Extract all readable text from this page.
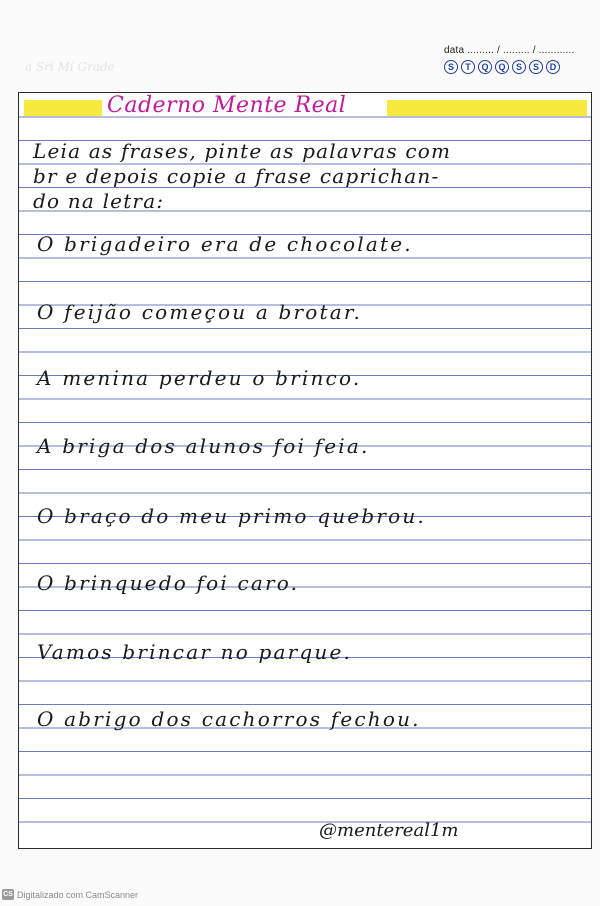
a Sri Mi Grade
data ......... / ......... / ............
S	T	Q	Q	S	S	D
Caderno Mente Real
Leia as frases, pinte as palavras com
br e depois copie a frase caprichan-
do na letra:
O brigadeiro era de chocolate.
O feijão começou a brotar.
A menina perdeu o brinco.
A briga dos alunos foi feia.
O braço do meu primo quebrou.
O brinquedo foi caro.
Vamos brincar no parque.
O abrigo dos cachorros fechou.
@mentereal1m
CS Digitalizado com CamScanner
